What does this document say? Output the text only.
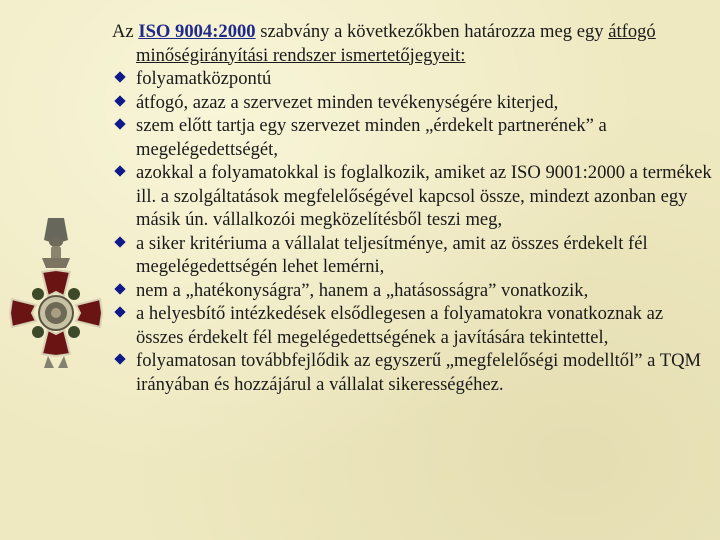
Az ISO 9004:2000 szabvány a következőkben határozza meg egy átfogó minőségirányítási rendszer ismertetőjegyeit:

folyamatközpontú
átfogó, azaz a szervezet minden tevékenységére kiterjed,
szem előtt tartja egy szervezet minden „érdekelt partnerének” a megelégedettségét,
azokkal a folyamatokkal is foglalkozik, amiket az ISO 9001:2000 a termékek ill. a szolgáltatások megfelelőségével kapcsol össze, mindezt azonban egy másik ún. vállalkozói megközelítésből teszi meg,
a siker kritériuma a vállalat teljesítménye, amit az összes érdekelt fél megelégedettségén lehet lemérni,
nem a „hatékonyságra”, hanem a „hatásosságra” vonatkozik,
a helyesbítő intézkedések elsődlegesen a folyamatokra vonatkoznak az összes érdekelt fél megelégedettségének a javítására tekintettel,
folyamatosan továbbfejlődik az egyszerű „megfelelőségi modelltől” a TQM irányában és hozzájárul a vállalat sikerességéhez.
